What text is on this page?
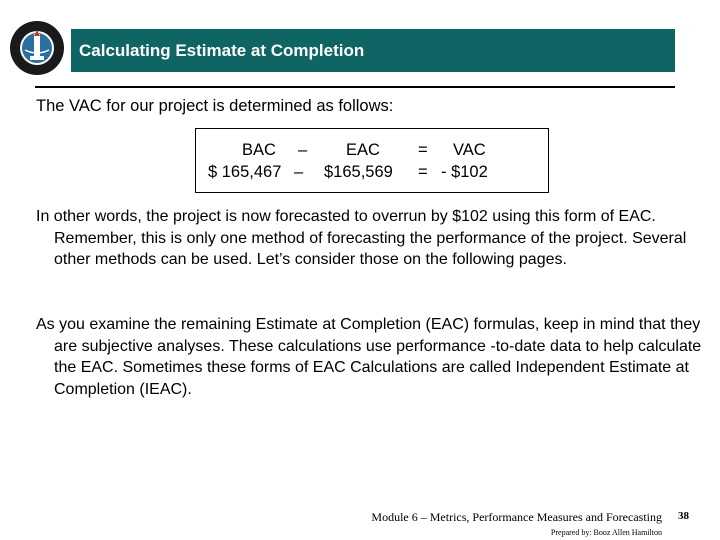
Calculating Estimate at Completion
The VAC for our project is determined as follows:
BAC – EAC = VAC
$ 165,467 – $165,569 = - $102

In other words, the project is now forecasted to overrun by $102 using this form of EAC. Remember, this is only one method of forecasting the performance of the project. Several other methods can be used. Let’s consider those on the following pages.

As you examine the remaining Estimate at Completion (EAC) formulas, keep in mind that they are subjective analyses. These calculations use performance -to-date data to help calculate the EAC. Sometimes these forms of EAC Calculations are called Independent Estimate at Completion (IEAC).

Module 6 – Metrics, Performance Measures and Forecasting 38
Prepared by: Booz Allen Hamilton
